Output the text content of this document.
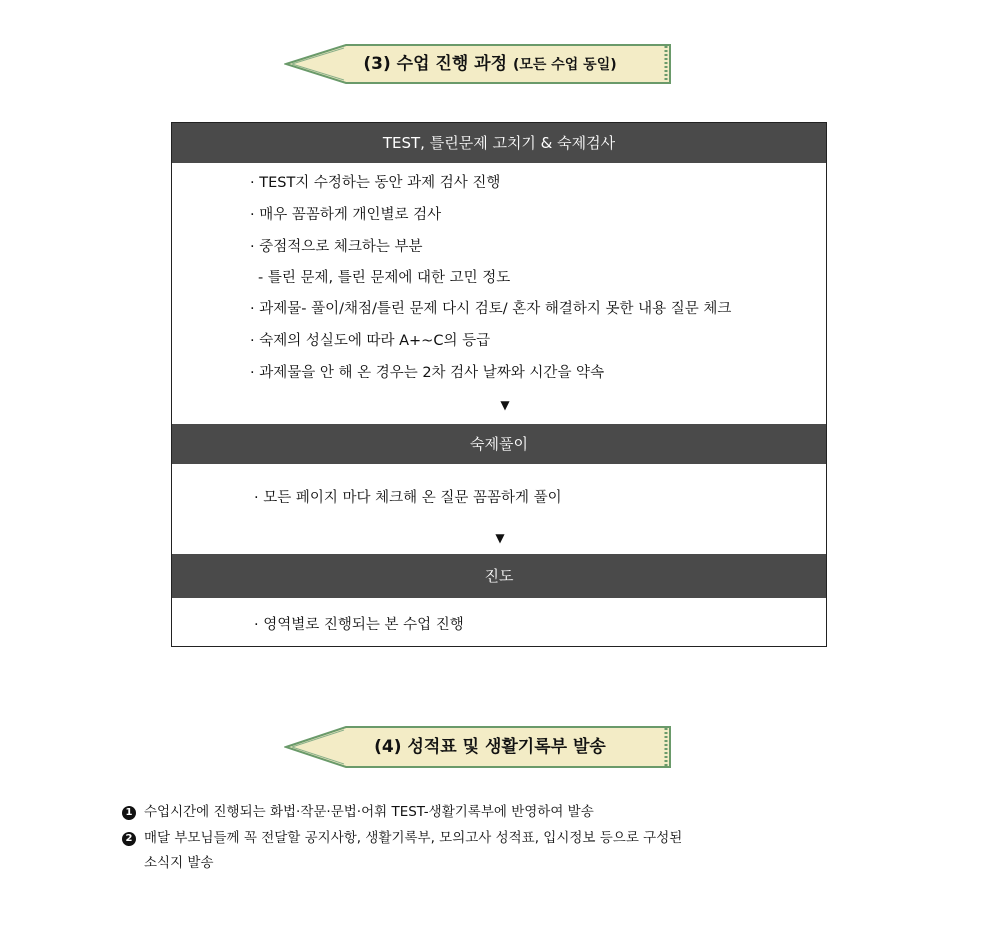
(3) 수업 진행 과정 (모든 수업 동일)
TEST, 틀린문제 고치기 & 숙제검사
· TEST지 수정하는 동안 과제 검사 진행
· 매우 꼼꼼하게 개인별로 검사
· 중점적으로 체크하는 부분
- 틀린 문제, 틀린 문제에 대한 고민 정도
· 과제물- 풀이/채점/틀린 문제 다시 검토/ 혼자 해결하지 못한 내용 질문 체크
· 숙제의 성실도에 따라 A+~C의 등급
· 과제물을 안 해 온 경우는 2차 검사 날짜와 시간을 약속
▼
숙제풀이
· 모든 페이지 마다 체크해 온 질문 꼼꼼하게 풀이
▼
진도
· 영역별로 진행되는 본 수업 진행
(4) 성적표 및 생활기록부 발송
1 수업시간에 진행되는 화법·작문·문법·어휘 TEST-생활기록부에 반영하여 발송
2 매달 부모님들께 꼭 전달할 공지사항, 생활기록부, 모의고사 성적표, 입시정보 등으로 구성된
소식지 발송
